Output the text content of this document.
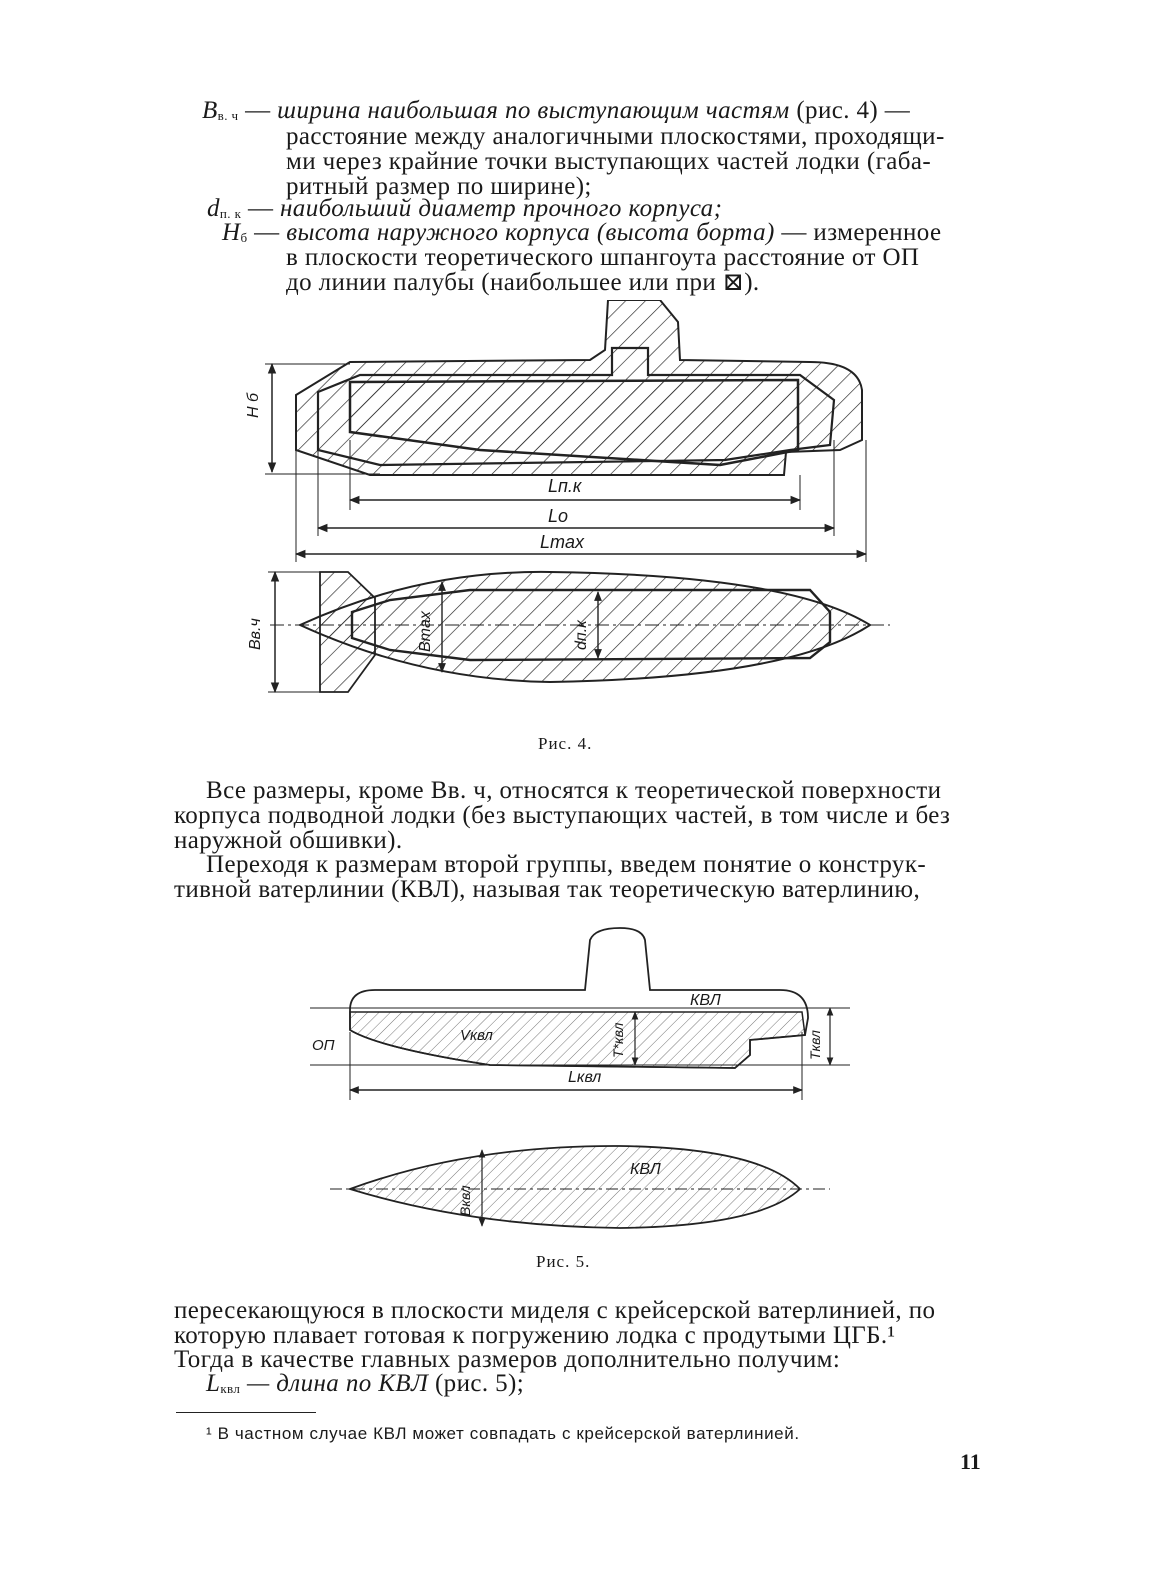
Bв. ч — ширина наибольшая по выступающим частям (рис. 4) —
расстояние между аналогичными плоскостями, проходящи-
ми через крайние точки выступающих частей лодки (габа-
ритный размер по ширине);
dп. к — наибольший диаметр прочного корпуса;
Hб — высота наружного корпуса (высота борта) — измеренное
в плоскости теоретического шпангоута расстояние от ОП
до линии палубы (наибольшее или при ⊠).
H б
Lп.к
Lо
Lmax
Bв.ч	Bmax	dп.к
Рис. 4.
Все размеры, кроме Bв. ч, относятся к теоретической поверхности
корпуса подводной лодки (без выступающих частей, в том числе и без
наружной обшивки).
Переходя к размерам второй группы, введем понятие о конструк-
тивной ватерлинии (КВЛ), называя так теоретическую ватерлинию,
КВЛ
ОП
Vквл	T*квл	Tквл
Lквл
Bквл
КВЛ
Рис. 5.
пересекающуюся в плоскости миделя с крейсерской ватерлинией, по
которую плавает готовая к погружению лодка с продутыми ЦГБ.¹
Тогда в качестве главных размеров дополнительно получим:
Lквл — длина по КВЛ (рис. 5);
¹ В частном случае КВЛ может совпадать с крейсерской ватерлинией.
11
